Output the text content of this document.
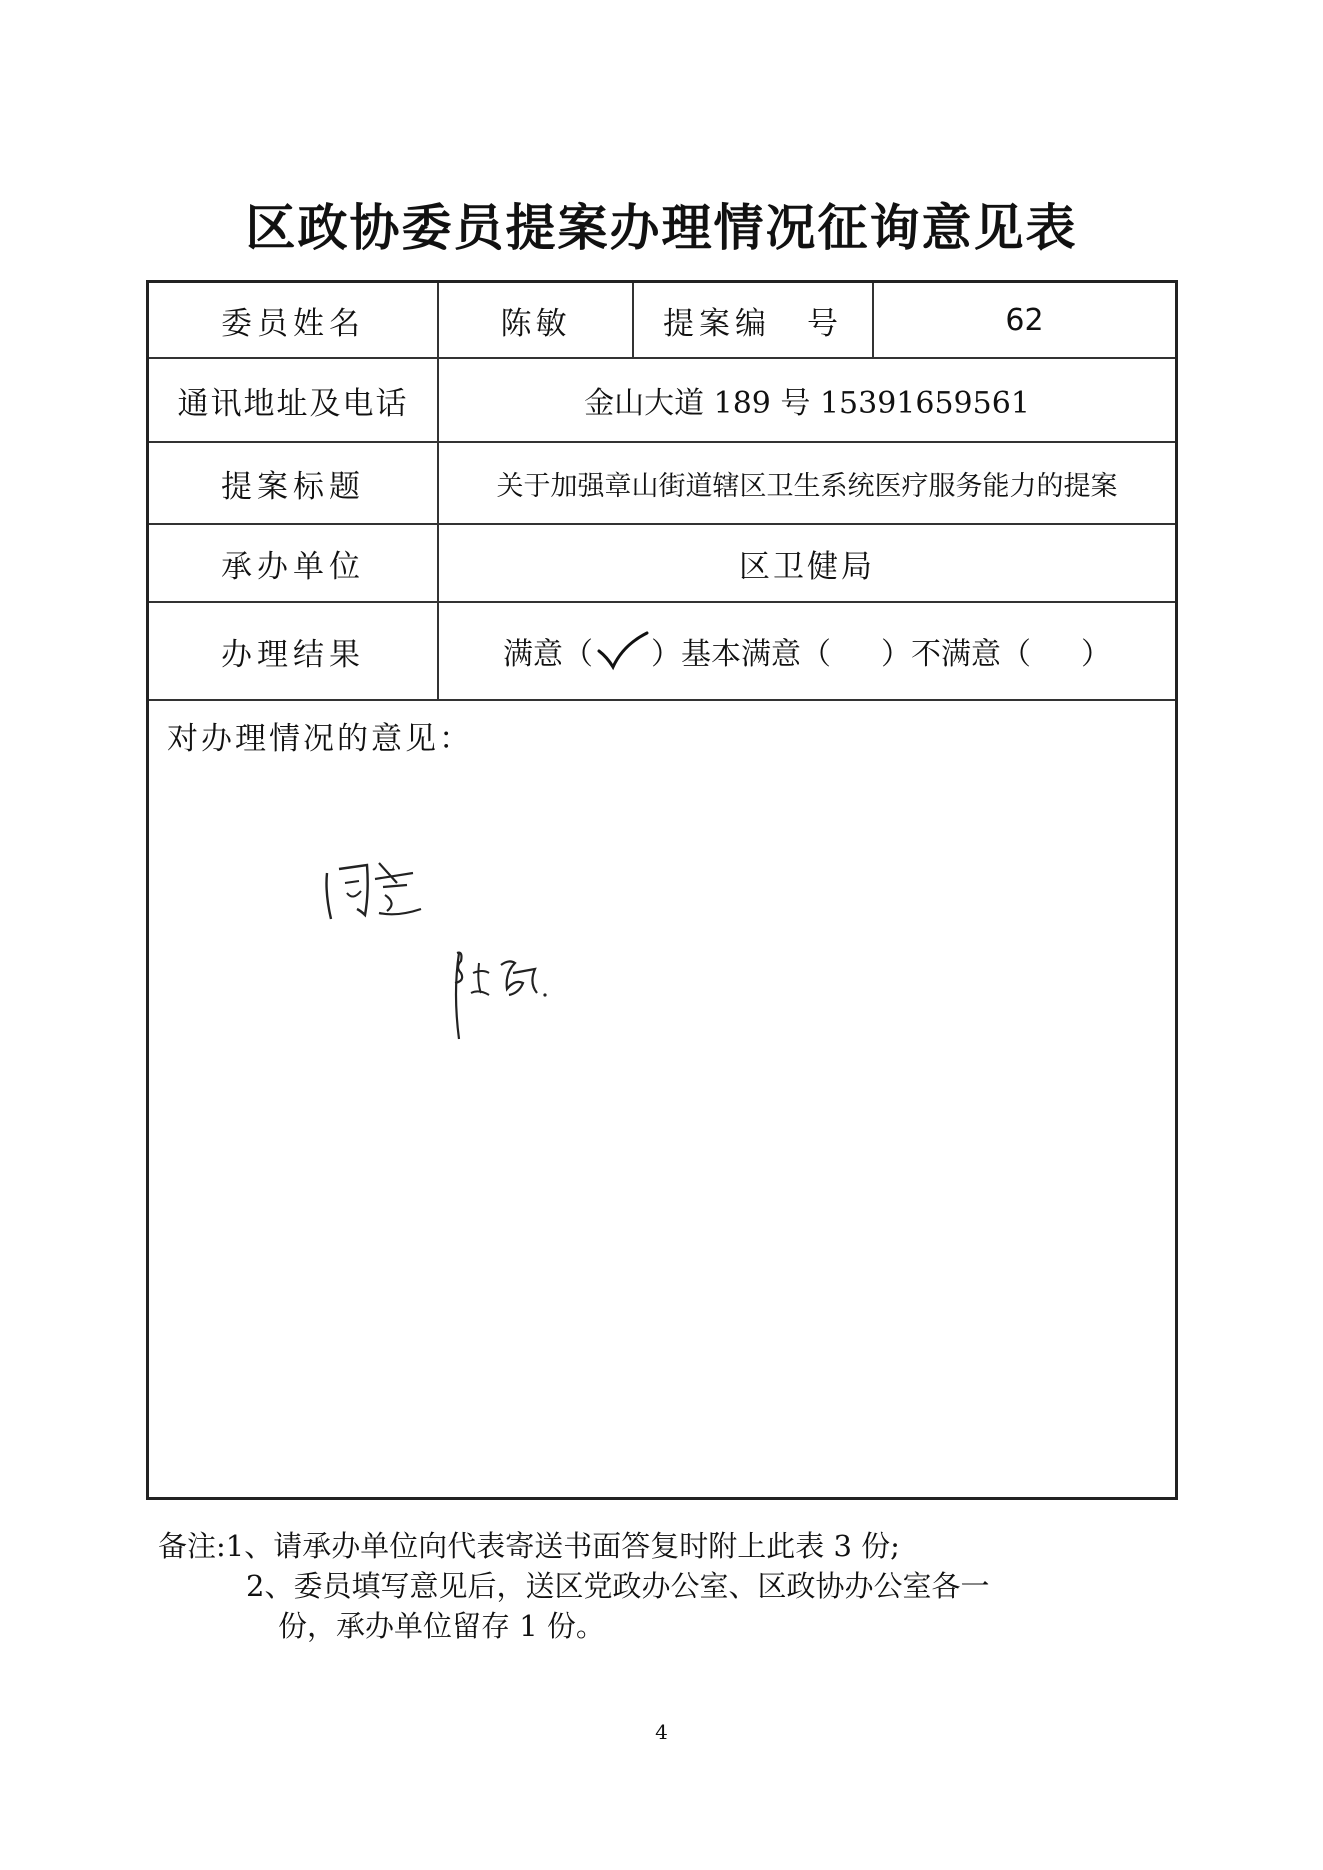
区政协委员提案办理情况征询意见表
委员姓名	陈敏	提案编　号	62
通讯地址及电话	金山大道 189 号 15391659561
提案标题	关于加强章山街道辖区卫生系统医疗服务能力的提案
承办单位	区卫健局
办理结果	满意（ ） 基本满意（ ） 不满意（ ）
对办理情况的意见：
备注:1、请承办单位向代表寄送书面答复时附上此表 3 份;
2、委员填写意见后，送区党政办公室、区政协办公室各一
份，承办单位留存 1 份。
4
